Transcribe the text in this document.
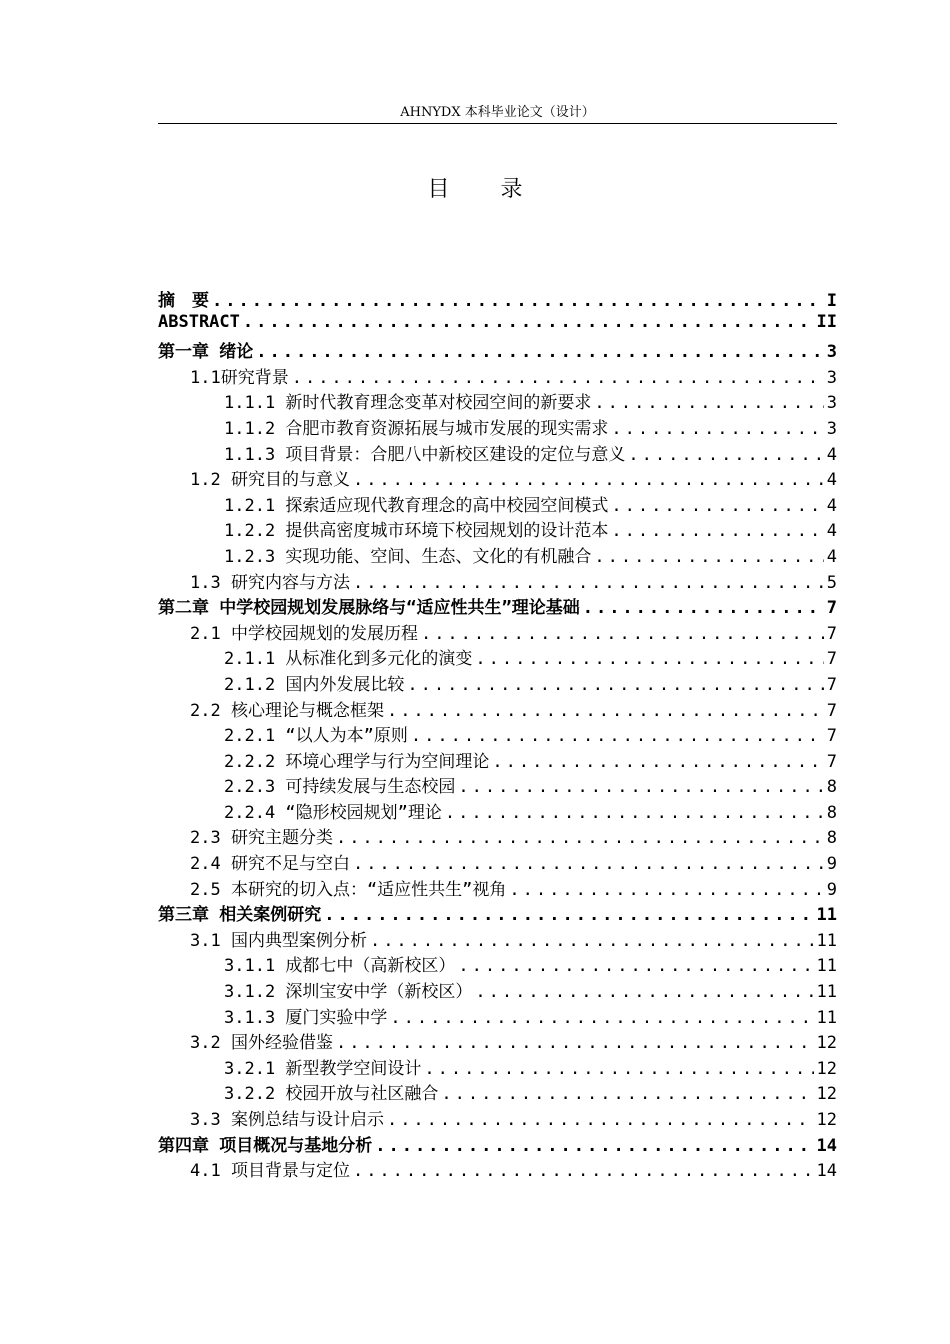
AHNYDX 本科毕业论文（设计）
目 录
摘　要 .....	I
ABSTRACT .....	II
第一章 绪论 .....	3
1.1研究背景 .....	3
1.1.1 新时代教育理念变革对校园空间的新要求 .....	3
1.1.2 合肥市教育资源拓展与城市发展的现实需求 .....	3
1.1.3 项目背景：合肥八中新校区建设的定位与意义 .....	4
1.2 研究目的与意义 .....	4
1.2.1 探索适应现代教育理念的高中校园空间模式 .....	4
1.2.2 提供高密度城市环境下校园规划的设计范本 .....	4
1.2.3 实现功能、空间、生态、文化的有机融合 .....	4
1.3 研究内容与方法 .....	5
第二章 中学校园规划发展脉络与“适应性共生”理论基础 .....	7
2.1 中学校园规划的发展历程 .....	7
2.1.1 从标准化到多元化的演变 .....	7
2.1.2 国内外发展比较 .....	7
2.2 核心理论与概念框架 .....	7
2.2.1 “以人为本”原则 .....	7
2.2.2 环境心理学与行为空间理论 .....	7
2.2.3 可持续发展与生态校园 .....	8
2.2.4 “隐形校园规划”理论 .....	8
2.3 研究主题分类 .....	8
2.4 研究不足与空白 .....	9
2.5 本研究的切入点：“适应性共生”视角 .....	9
第三章 相关案例研究 .....	11
3.1 国内典型案例分析 .....	11
3.1.1 成都七中（高新校区） .....	11
3.1.2 深圳宝安中学（新校区） .....	11
3.1.3 厦门实验中学 .....	11
3.2 国外经验借鉴 .....	12
3.2.1 新型教学空间设计 .....	12
3.2.2 校园开放与社区融合 .....	12
3.3 案例总结与设计启示 .....	12
第四章 项目概况与基地分析 .....	14
4.1 项目背景与定位 .....	14
